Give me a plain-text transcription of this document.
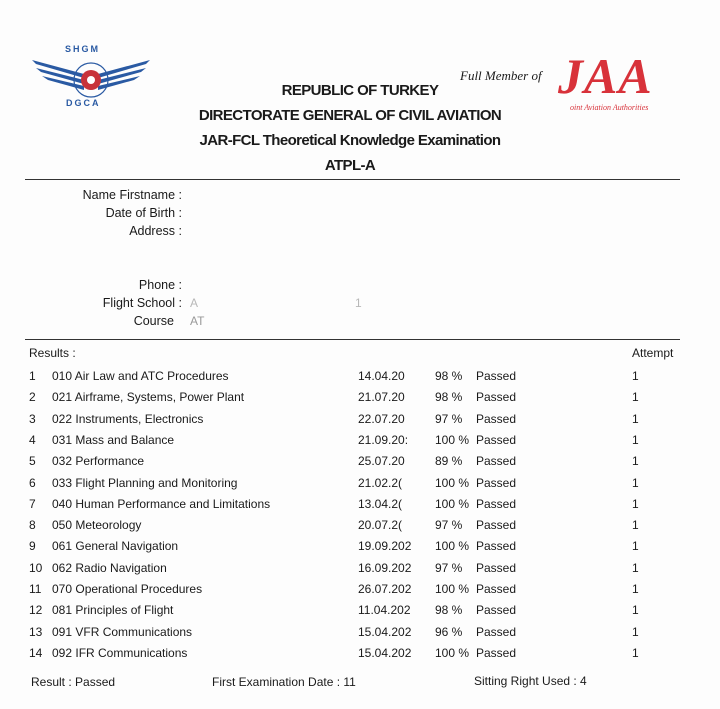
SHGM
DGCA
REPUBLIC OF TURKEY
DIRECTORATE GENERAL OF CIVIL AVIATION
JAR-FCL Theoretical Knowledge Examination
ATPL-A
Full Member of JAA
oint Aviation Authorities
Name Firstname :
Date of Birth :
Address :
Phone :
Flight School : A	1
Course AT
Results :	Attempt
1 010 Air Law and ATC Procedures	14.04.20	98 % Passed	1
2 021 Airframe, Systems, Power Plant	21.07.20	98 % Passed	1
3 022 Instruments, Electronics	22.07.20	97 % Passed	1
4 031 Mass and Balance	21.09.20: 100 % Passed	1
5 032 Performance	25.07.20	89 % Passed	1
6 033 Flight Planning and Monitoring	21.02.2(	100 % Passed	1
7 040 Human Performance and Limitations	13.04.2(	100 % Passed	1
8 050 Meteorology	20.07.2(	97 % Passed	1
9 061 General Navigation	19.09.202 100 % Passed	1
10 062 Radio Navigation	16.09.202 97 % Passed	1
11 070 Operational Procedures	26.07.202 100 % Passed	1
12 081 Principles of Flight	11.04.202 98 % Passed	1
13 091 VFR Communications	15.04.202 96 % Passed	1
14 092 IFR Communications	15.04.202 100 % Passed	1
Result : Passed	First Examination Date : 11	Sitting Right Used : 4
